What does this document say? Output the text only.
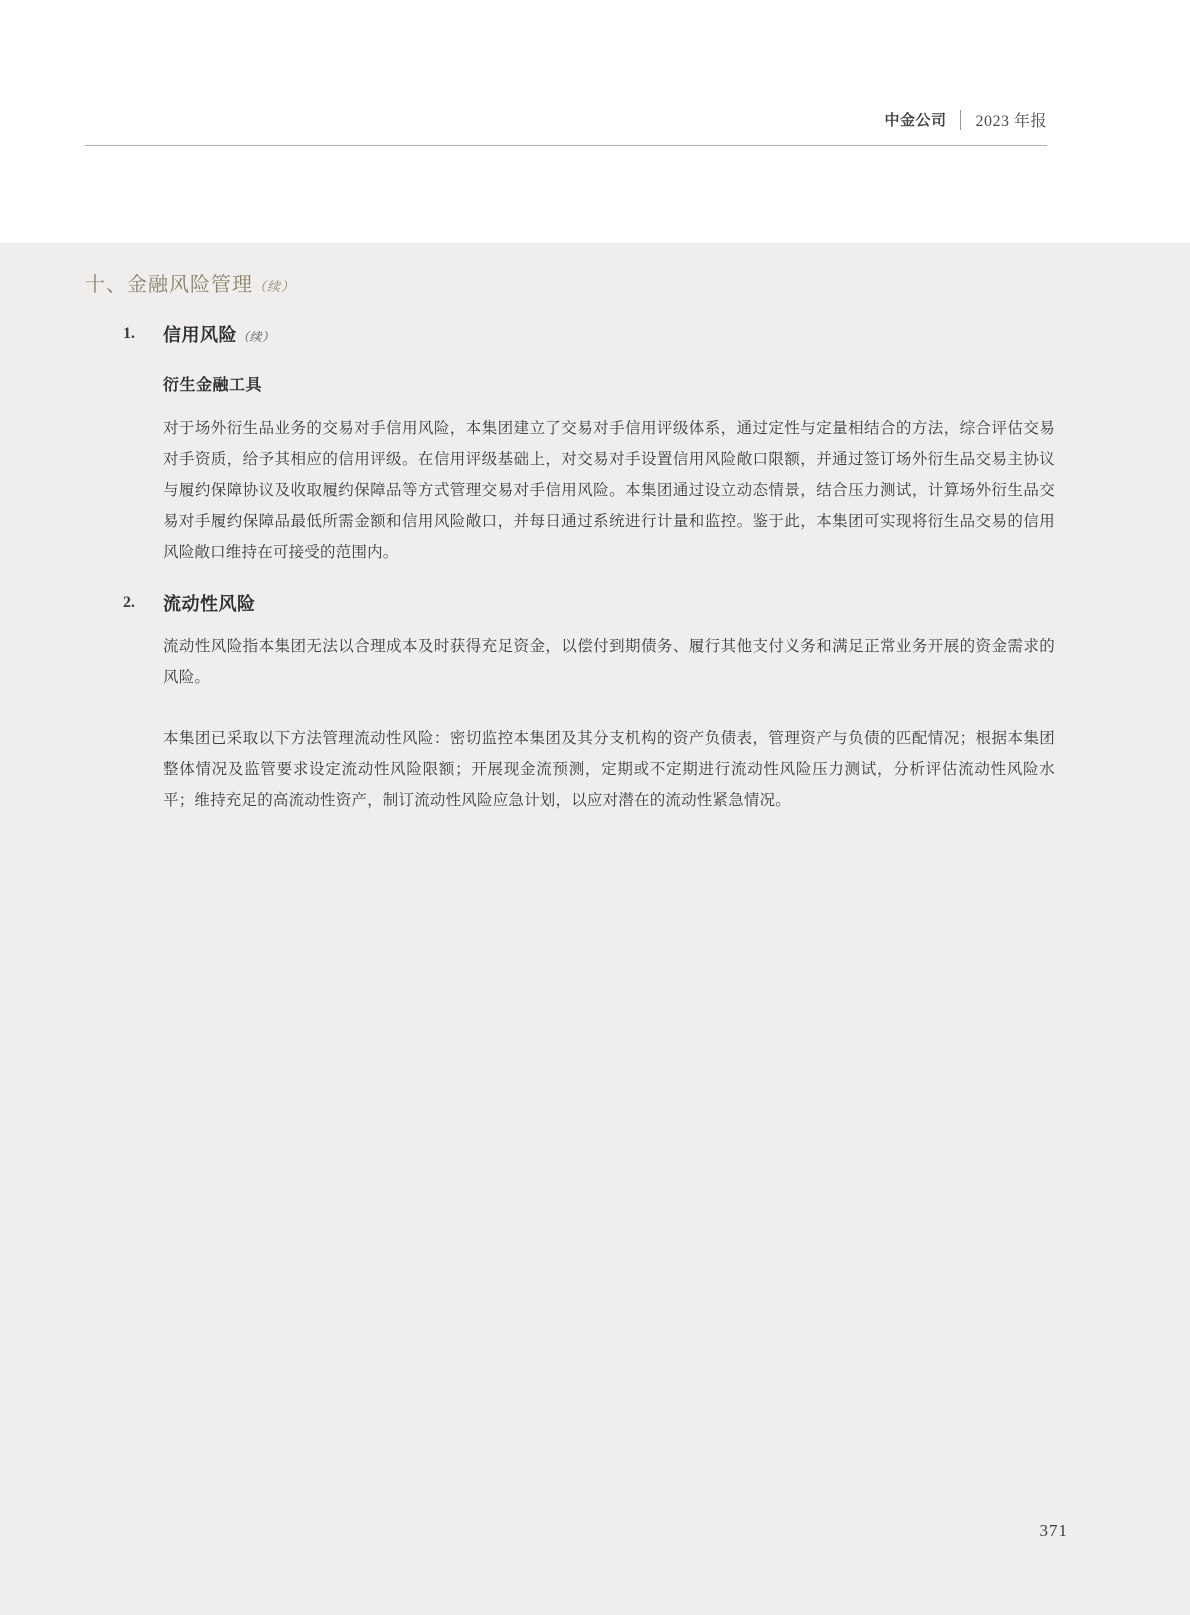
中金公司	2023 年报
十、金融风险管理（续）
1.	信用风险（续）
衍生金融工具

对于场外衍生品业务的交易对手信用风险，本集团建立了交易对手信用评级体系，通过定性与定量相结合的方法，综合评估交易对手资质，给予其相应的信用评级。在信用评级基础上，对交易对手设置信用风险敞口限额，并通过签订场外衍生品交易主协议与履约保障协议及收取履约保障品等方式管理交易对手信用风险。本集团通过设立动态情景，结合压力测试，计算场外衍生品交易对手履约保障品最低所需金额和信用风险敞口，并每日通过系统进行计量和监控。鉴于此，本集团可实现将衍生品交易的信用风险敞口维持在可接受的范围内。

2.	流动性风险

流动性风险指本集团无法以合理成本及时获得充足资金，以偿付到期债务、履行其他支付义务和满足正常业务开展的资金需求的风险。

本集团已采取以下方法管理流动性风险：密切监控本集团及其分支机构的资产负债表，管理资产与负债的匹配情况；根据本集团整体情况及监管要求设定流动性风险限额；开展现金流预测，定期或不定期进行流动性风险压力测试，分析评估流动性风险水平；维持充足的高流动性资产，制订流动性风险应急计划，以应对潜在的流动性紧急情况。

371
